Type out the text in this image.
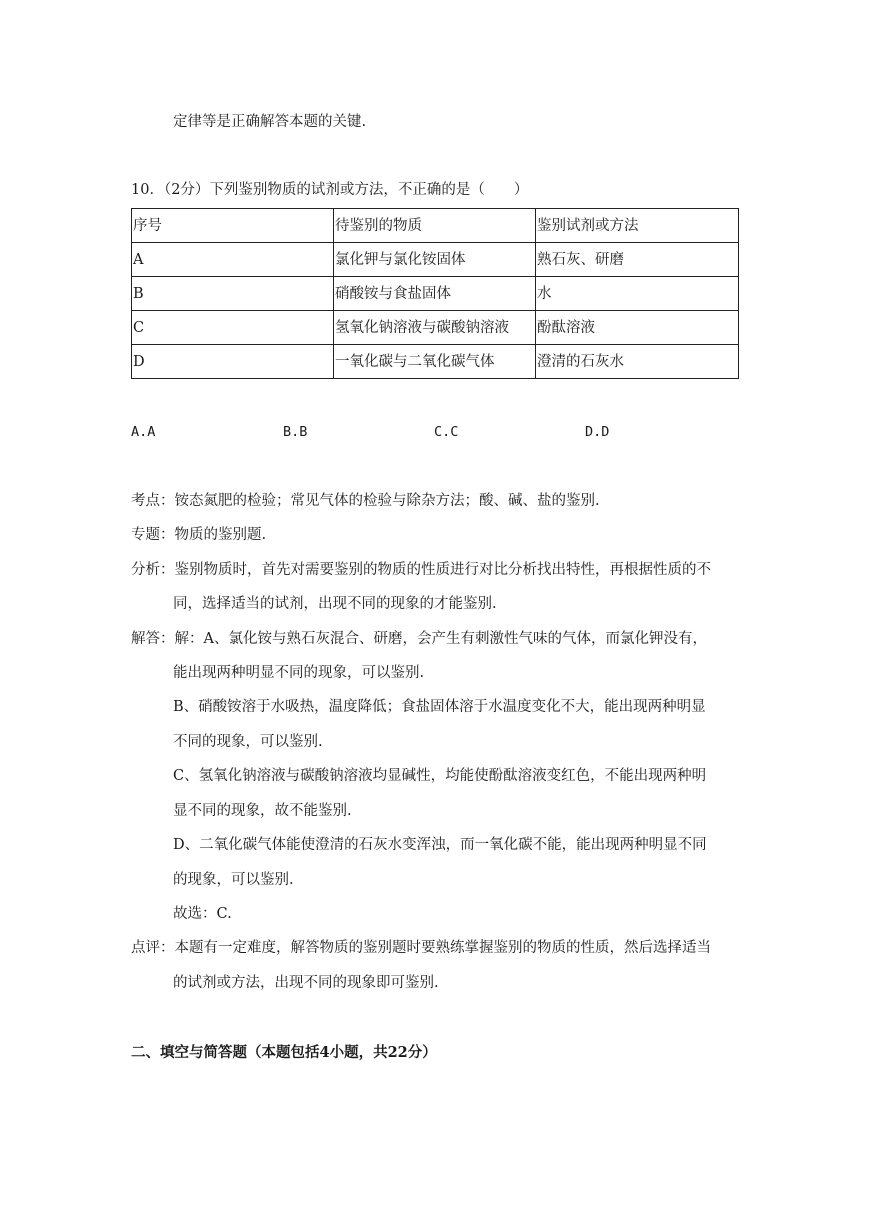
定律等是正确解答本题的关键.
10．（2分）下列鉴别物质的试剂或方法，不正确的是（　　）
序号	待鉴别的物质	鉴别试剂或方法
A	氯化钾与氯化铵固体	熟石灰、研磨
B	硝酸铵与食盐固体	水
C	氢氧化钠溶液与碳酸钠溶液	酚酞溶液
D	一氧化碳与二氧化碳气体	澄清的石灰水
A.A	B.B	C.C	D.D
考点：铵态氮肥的检验；常见气体的检验与除杂方法；酸、碱、盐的鉴别.
专题：物质的鉴别题.
分析：鉴别物质时，首先对需要鉴别的物质的性质进行对比分析找出特性，再根据性质的不
同，选择适当的试剂，出现不同的现象的才能鉴别.
解答：解：A、氯化铵与熟石灰混合、研磨，会产生有刺激性气味的气体，而氯化钾没有，
能出现两种明显不同的现象，可以鉴别.
B、硝酸铵溶于水吸热，温度降低；食盐固体溶于水温度变化不大，能出现两种明显
不同的现象，可以鉴别.
C、氢氧化钠溶液与碳酸钠溶液均显碱性，均能使酚酞溶液变红色，不能出现两种明
显不同的现象，故不能鉴别.
D、二氧化碳气体能使澄清的石灰水变浑浊，而一氧化碳不能，能出现两种明显不同
的现象，可以鉴别.
故选：C.
点评：本题有一定难度，解答物质的鉴别题时要熟练掌握鉴别的物质的性质，然后选择适当
的试剂或方法，出现不同的现象即可鉴别.
二、填空与简答题（本题包括4小题，共22分）
